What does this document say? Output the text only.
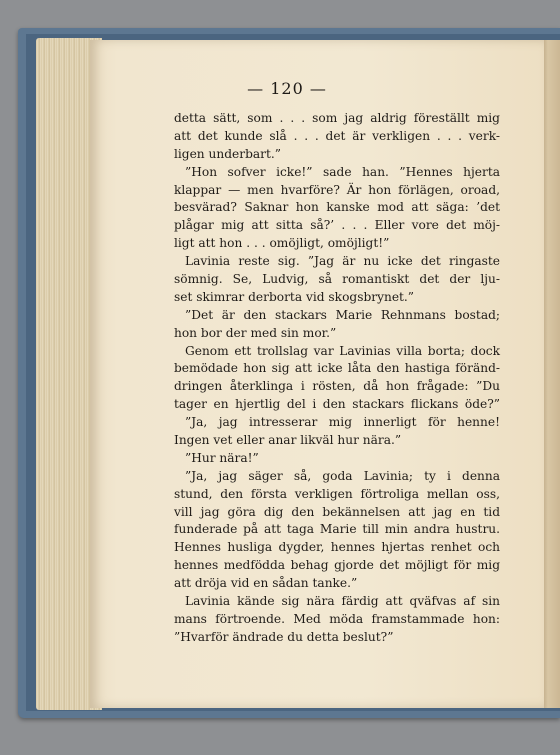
— 120 —
detta sätt, som . . . som jag aldrig föreställt mig
att det kunde slå . . . det är verkligen . . . verk-
ligen underbart.”
”Hon sofver icke!” sade han. ”Hennes hjerta
klappar — men hvarföre? Är hon förlägen, oroad,
besvärad? Saknar hon kanske mod att säga: ’det
plågar mig att sitta så?’ . . . Eller vore det möj-
ligt att hon . . . omöjligt, omöjligt!”
Lavinia reste sig. ”Jag är nu icke det ringaste
sömnig. Se, Ludvig, så romantiskt det der lju-
set skimrar derborta vid skogsbrynet.”
”Det är den stackars Marie Rehnmans bostad;
hon bor der med sin mor.”
Genom ett trollslag var Lavinias villa borta; dock
bemödade hon sig att icke låta den hastiga föränd-
dringen återklinga i rösten, då hon frågade: ”Du
tager en hjertlig del i den stackars flickans öde?”
”Ja, jag intresserar mig innerligt för henne!
Ingen vet eller anar likväl hur nära.”
”Hur nära!”
”Ja, jag säger så, goda Lavinia; ty i denna
stund, den första verkligen förtroliga mellan oss,
vill jag göra dig den bekännelsen att jag en tid
funderade på att taga Marie till min andra hustru.
Hennes husliga dygder, hennes hjertas renhet och
hennes medfödda behag gjorde det möjligt för mig
att dröja vid en sådan tanke.”
Lavinia kände sig nära färdig att qväfvas af sin
mans förtroende. Med möda framstammade hon:
”Hvarför ändrade du detta beslut?”
